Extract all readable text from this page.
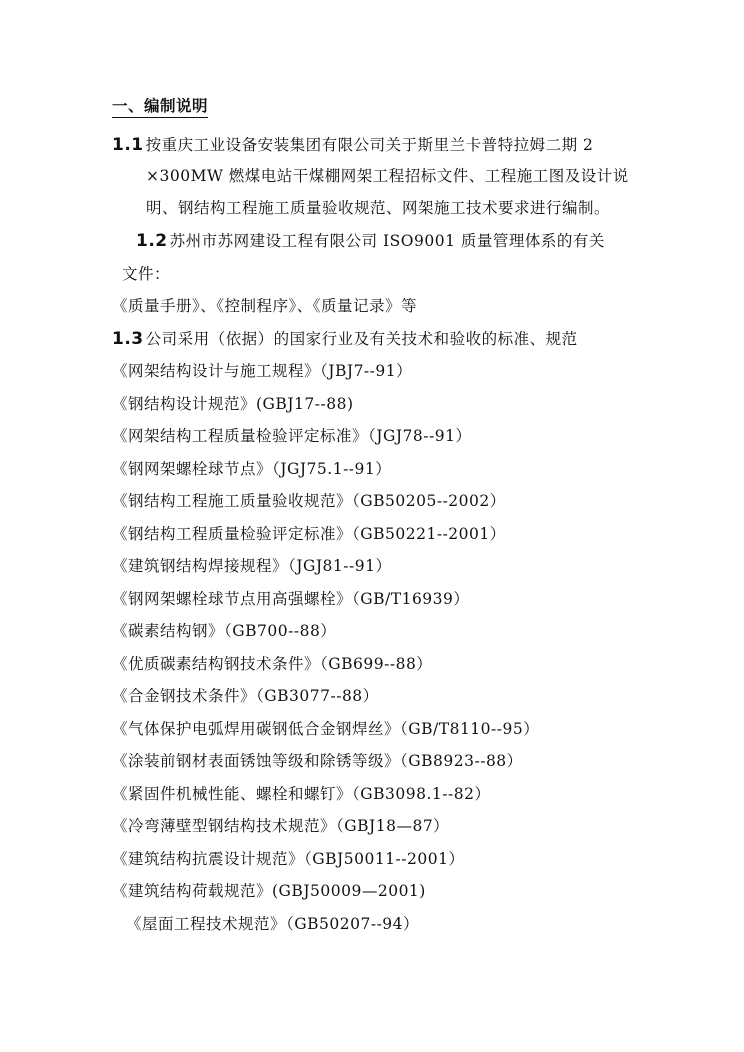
一、编制说明
1.1 按重庆工业设备安装集团有限公司关于斯里兰卡普特拉姆二期 2
×300MW 燃煤电站干煤棚网架工程招标文件、工程施工图及设计说
明、钢结构工程施工质量验收规范、网架施工技术要求进行编制。
1.2 苏州市苏网建设工程有限公司 ISO9001 质量管理体系的有关
文件：
《质量手册》、《控制程序》、《质量记录》等
1.3 公司采用（依据）的国家行业及有关技术和验收的标准、规范
《网架结构设计与施工规程》（JBJ7--91）
《钢结构设计规范》(GBJ17--88)
《网架结构工程质量检验评定标准》（JGJ78--91）
《钢网架螺栓球节点》（JGJ75.1--91）
《钢结构工程施工质量验收规范》（GB50205--2002）
《钢结构工程质量检验评定标准》（GB50221--2001）
《建筑钢结构焊接规程》（JGJ81--91）
《钢网架螺栓球节点用高强螺栓》（GB/T16939）
《碳素结构钢》（GB700--88）
《优质碳素结构钢技术条件》（GB699--88）
《合金钢技术条件》（GB3077--88）
《气体保护电弧焊用碳钢低合金钢焊丝》（GB/T8110--95）
《涂装前钢材表面锈蚀等级和除锈等级》（GB8923--88）
《紧固件机械性能、螺栓和螺钉》（GB3098.1--82）
《冷弯薄壁型钢结构技术规范》（GBJ18—87）
《建筑结构抗震设计规范》（GBJ50011--2001）
《建筑结构荷载规范》(GBJ50009—2001)
《屋面工程技术规范》（GB50207--94）
